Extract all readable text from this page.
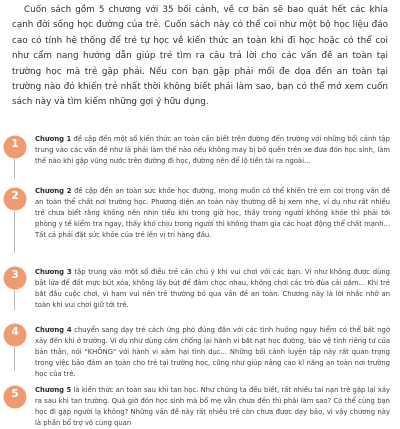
Cuốn sách gồm 5 chương với 35 bối cảnh, về cơ bản sẽ bao quát hết các khía cạnh đời sống học đường của trẻ. Cuốn sách này có thể coi như một bộ học liệu đáo cao có tính hệ thống để trẻ tự học về kiến thức an toàn khi đi học hoặc có thể coi như cẩm nang hướng dẫn giúp trẻ tìm ra câu trả lời cho các vấn đề an toàn tại trường học mà trẻ gặp phải. Nếu con bạn gặp phải mối đe dọa đến an toàn tại trường nào đó khiến trẻ nhất thời không biết phải làm sao, bạn có thể mở xem cuốn sách này và tìm kiếm những gợi ý hữu dụng.

1	Chương 1 đề cập đến một số kiến thức an toàn cần biết trên đường đến trường với những bối cảnh tập trung vào các vấn đề như là phải làm thế nào nếu không may bị bỏ quên trên xe đưa đón học sinh, làm thế nào khi gặp vũng nước trên đường đi học, đường nên để lộ tiền tài ra ngoài...

2	Chương 2 đề cập đến an toàn sức khỏe học đường, mong muốn có thể khiến trẻ em coi trọng vấn đề an toàn thể chất nơi trường học. Phương diện an toàn này thường dễ bị xem nhẹ, ví dụ như rất nhiều trẻ chưa biết rằng không nên nhịn tiểu khi trong giờ học, thấy trong người không khỏe thì phải tới phòng y tế kiểm tra ngay, thấy khó chịu trong người thì không tham gia các hoạt động thể chất mạnh... Tất cả phải đặt sức khỏe của trẻ lên vị trí hàng đầu.

3	Chương 3 tập trung vào một số điều trẻ cần chú ý khi vui chơi với các bạn. Ví như không được dùng bật lửa để đốt mực bút xóa, không lấy bút để đâm chọc nhau, không chơi các trò đùa cải oắm... Khi trẻ bắt đầu cuộc chơi, vì ham vui nên trẻ thường bỏ qua vấn đề an toàn. Chương này là lời nhắc nhở an toàn khi vui chơi giữ tới trẻ.

4	Chương 4 chuyển sang dạy trẻ cách ứng phó đúng đắn với các tình huống nguy hiểm có thể bất ngờ xảy đến khi ở trường. Ví dụ như dùng cảm chống lại hành vi bắt nạt học đường, bảo vệ tính riêng tư của bản thân, nói "KHÔNG" với hành vi xâm hại tình dục... Những bối cảnh luyện tập này rất quan trọng trong việc bảo đảm an toàn cho trẻ tại trường học, cũng như giúp nâng cao kĩ năng an toàn nơi trường học của trẻ.

5	Chương 5 là kiến thức an toàn sau khi tan học. Như chúng ta đều biết, rất nhiều tai nạn trẻ gặp lại xảy ra sau khi tan trường. Quá giờ đón học sinh mà bố mẹ vẫn chưa đến thì phải làm sao? Có thể cùng bạn học đi gặp người lạ không? Những vấn đề này rất nhiều trẻ còn chưa được dạy bảo, vì vậy chương này là phần bổ trợ vô cùng quan
